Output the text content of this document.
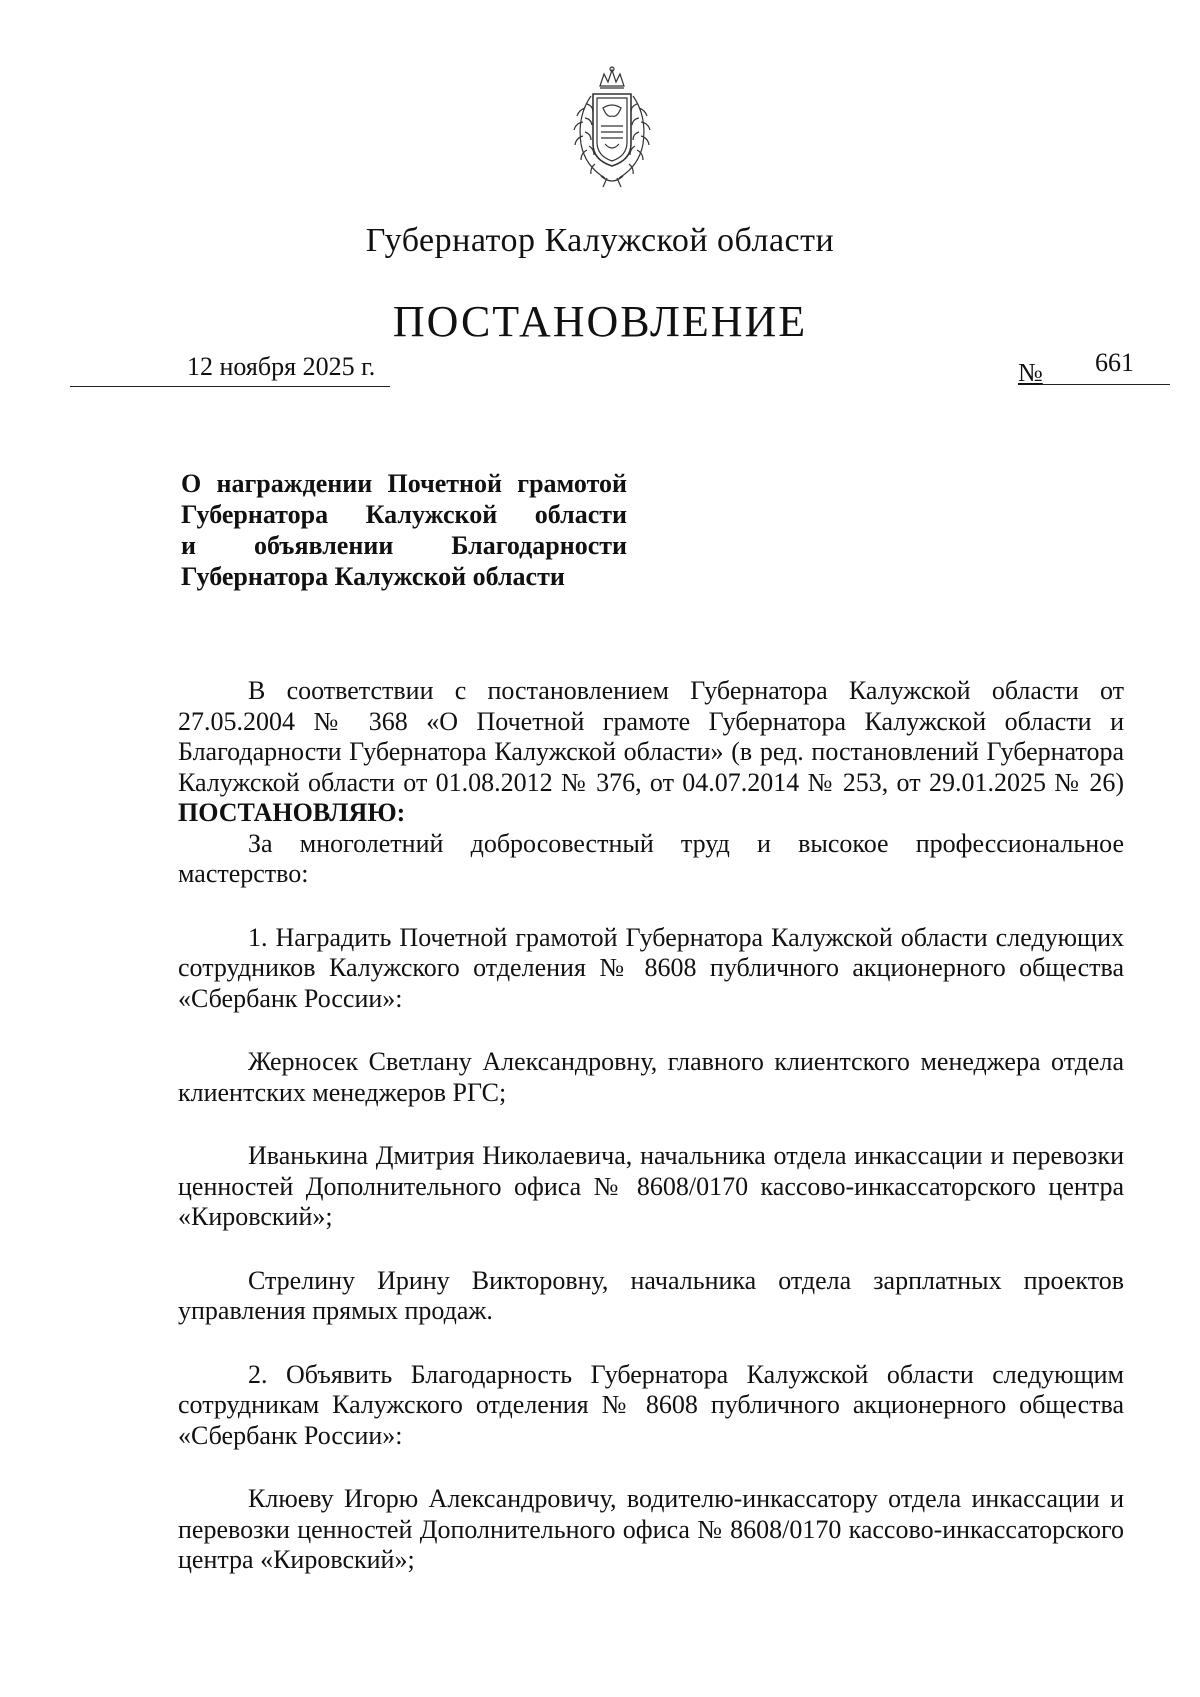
Губернатор Калужской области
ПОСТАНОВЛЕНИЕ
12 ноября 2025 г.	№ 661
О награждении Почетной грамотой
Губернатора Калужской области
и объявлении Благодарности
Губернатора Калужской области

В соответствии с постановлением Губернатора Калужской области от 27.05.2004 № 368 «О Почетной грамоте Губернатора Калужской области и Благодарности Губернатора Калужской области» (в ред. постановлений Губернатора Калужской области от 01.08.2012 № 376, от 04.07.2014 № 253, от 29.01.2025 № 26) ПОСТАНОВЛЯЮ:

За многолетний добросовестный труд и высокое профессиональное мастерство:

1. Наградить Почетной грамотой Губернатора Калужской области следующих сотрудников Калужского отделения № 8608 публичного акционерного общества «Сбербанк России»:

Жерносек Светлану Александровну, главного клиентского менеджера отдела клиентских менеджеров РГС;

Иванькина Дмитрия Николаевича, начальника отдела инкассации и перевозки ценностей Дополнительного офиса № 8608/0170 кассово-инкассаторского центра «Кировский»;

Стрелину Ирину Викторовну, начальника отдела зарплатных проектов управления прямых продаж.

2. Объявить Благодарность Губернатора Калужской области следующим сотрудникам Калужского отделения № 8608 публичного акционерного общества «Сбербанк России»:

Клюеву Игорю Александровичу, водителю-инкассатору отдела инкассации и перевозки ценностей Дополнительного офиса № 8608/0170 кассово-инкассаторского центра «Кировский»;
